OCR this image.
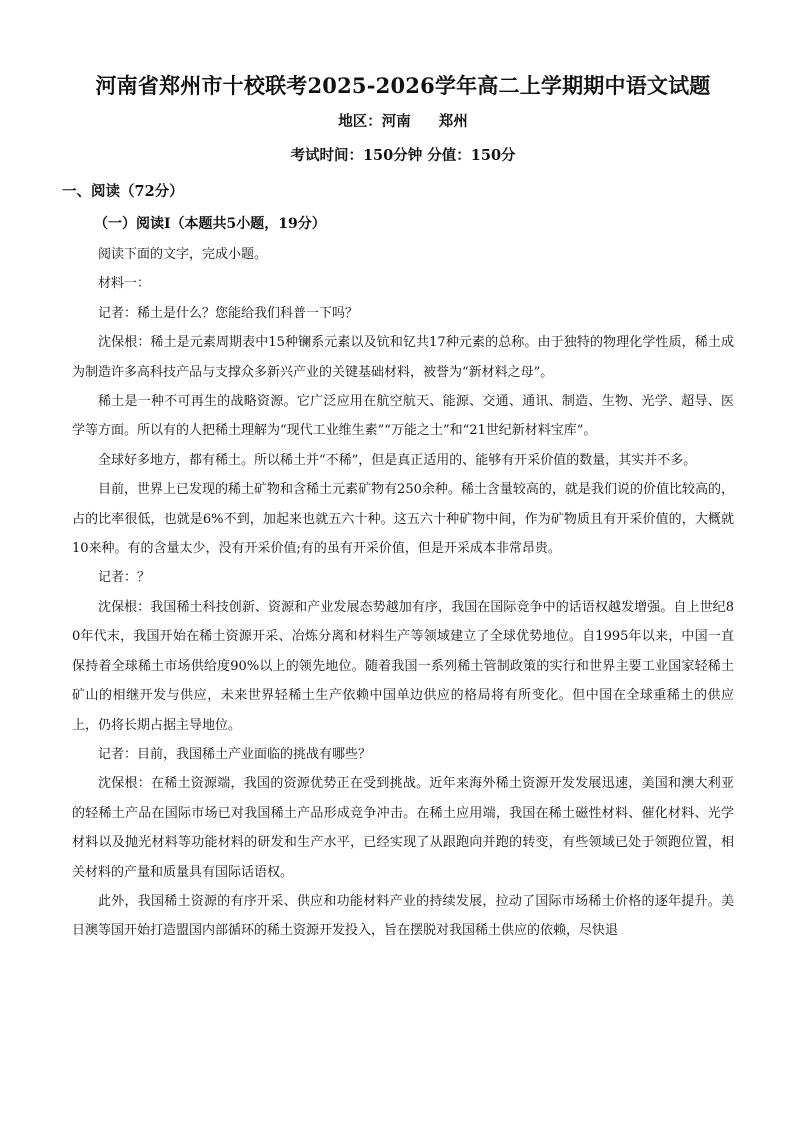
河南省郑州市十校联考2025-2026学年高二上学期期中语文试题
地区：河南 郑州
考试时间：150分钟 分值：150分
一、阅读（72分）
（一）阅读Ⅰ（本题共5小题，19分）

阅读下面的文字，完成小题。

材料一：

记者：稀土是什么？您能给我们科普一下吗？

沈保根：稀土是元素周期表中15种镧系元素以及钪和钇共17种元素的总称。由于独特的物理化学性质，稀土成为制造许多高科技产品与支撑众多新兴产业的关键基础材料，被誉为“新材料之母”。

稀土是一种不可再生的战略资源。它广泛应用在航空航天、能源、交通、通讯、制造、生物、光学、超导、医学等方面。所以有的人把稀土理解为“现代工业维生素”“万能之土”和“21世纪新材料宝库”。

全球好多地方，都有稀土。所以稀土并“不稀”，但是真正适用的、能够有开采价值的数量，其实并不多。

目前，世界上已发现的稀土矿物和含稀土元素矿物有250余种。稀土含量较高的，就是我们说的价值比较高的，占的比率很低，也就是6%不到，加起来也就五六十种。这五六十种矿物中间，作为矿物质且有开采价值的，大概就10来种。有的含量太少，没有开采价值;有的虽有开采价值，但是开采成本非常昂贵。

记者：？

沈保根：我国稀土科技创新、资源和产业发展态势越加有序，我国在国际竞争中的话语权越发增强。自上世纪80年代末，我国开始在稀土资源开采、冶炼分离和材料生产等领域建立了全球优势地位。自1995年以来，中国一直保持着全球稀土市场供给度90%以上的领先地位。随着我国一系列稀土管制政策的实行和世界主要工业国家轻稀土矿山的相继开发与供应，未来世界轻稀土生产依赖中国单边供应的格局将有所变化。但中国在全球重稀土的供应上，仍将长期占据主导地位。

记者：目前，我国稀土产业面临的挑战有哪些？

沈保根：在稀土资源端，我国的资源优势正在受到挑战。近年来海外稀土资源开发发展迅速，美国和澳大利亚的轻稀土产品在国际市场已对我国稀土产品形成竞争冲击。在稀土应用端，我国在稀土磁性材料、催化材料、光学材料以及抛光材料等功能材料的研发和生产水平，已经实现了从跟跑向并跑的转变，有些领域已处于领跑位置，相关材料的产量和质量具有国际话语权。

此外，我国稀土资源的有序开采、供应和功能材料产业的持续发展，拉动了国际市场稀土价格的逐年提升。美日澳等国开始打造盟国内部循环的稀土资源开发投入，旨在摆脱对我国稀土供应的依赖，尽快退
